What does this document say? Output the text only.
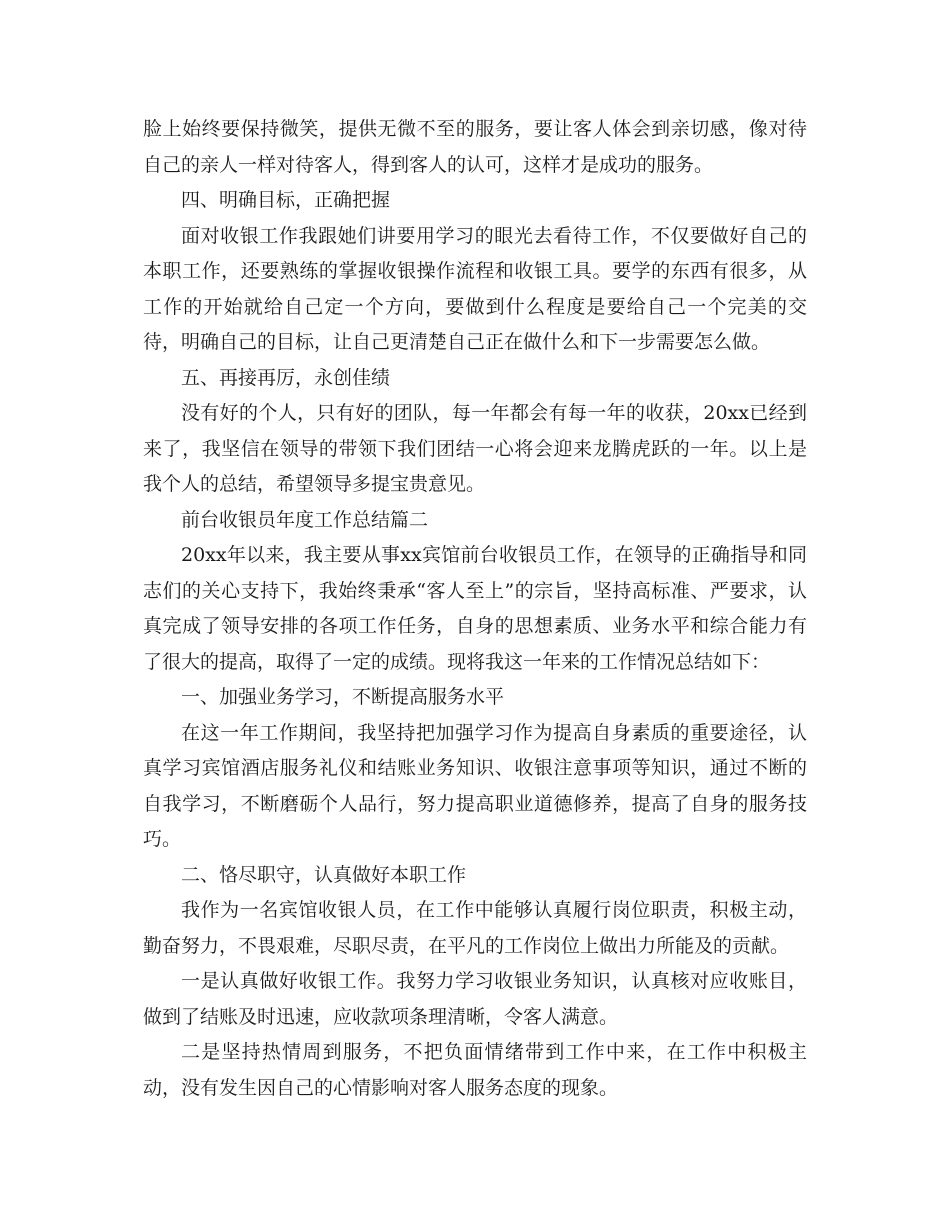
脸上始终要保持微笑，提供无微不至的服务，要让客人体会到亲切感，像对待自己的亲人一样对待客人，得到客人的认可，这样才是成功的服务。

四、明确目标，正确把握

面对收银工作我跟她们讲要用学习的眼光去看待工作，不仅要做好自己的本职工作，还要熟练的掌握收银操作流程和收银工具。要学的东西有很多，从工作的开始就给自己定一个方向，要做到什么程度是要给自己一个完美的交待，明确自己的目标，让自己更清楚自己正在做什么和下一步需要怎么做。

五、再接再厉，永创佳绩

没有好的个人，只有好的团队，每一年都会有每一年的收获，20xx已经到来了，我坚信在领导的带领下我们团结一心将会迎来龙腾虎跃的一年。以上是我个人的总结，希望领导多提宝贵意见。

前台收银员年度工作总结篇二

20xx年以来，我主要从事xx宾馆前台收银员工作，在领导的正确指导和同志们的关心支持下，我始终秉承“客人至上”的宗旨，坚持高标准、严要求，认真完成了领导安排的各项工作任务，自身的思想素质、业务水平和综合能力有了很大的提高，取得了一定的成绩。现将我这一年来的工作情况总结如下：

一、加强业务学习，不断提高服务水平

在这一年工作期间，我坚持把加强学习作为提高自身素质的重要途径，认真学习宾馆酒店服务礼仪和结账业务知识、收银注意事项等知识，通过不断的自我学习，不断磨砺个人品行，努力提高职业道德修养，提高了自身的服务技巧。

二、恪尽职守，认真做好本职工作

我作为一名宾馆收银人员，在工作中能够认真履行岗位职责，积极主动，勤奋努力，不畏艰难，尽职尽责，在平凡的工作岗位上做出力所能及的贡献。

一是认真做好收银工作。我努力学习收银业务知识，认真核对应收账目，做到了结账及时迅速，应收款项条理清晰，令客人满意。

二是坚持热情周到服务，不把负面情绪带到工作中来，在工作中积极主动，没有发生因自己的心情影响对客人服务态度的现象。
